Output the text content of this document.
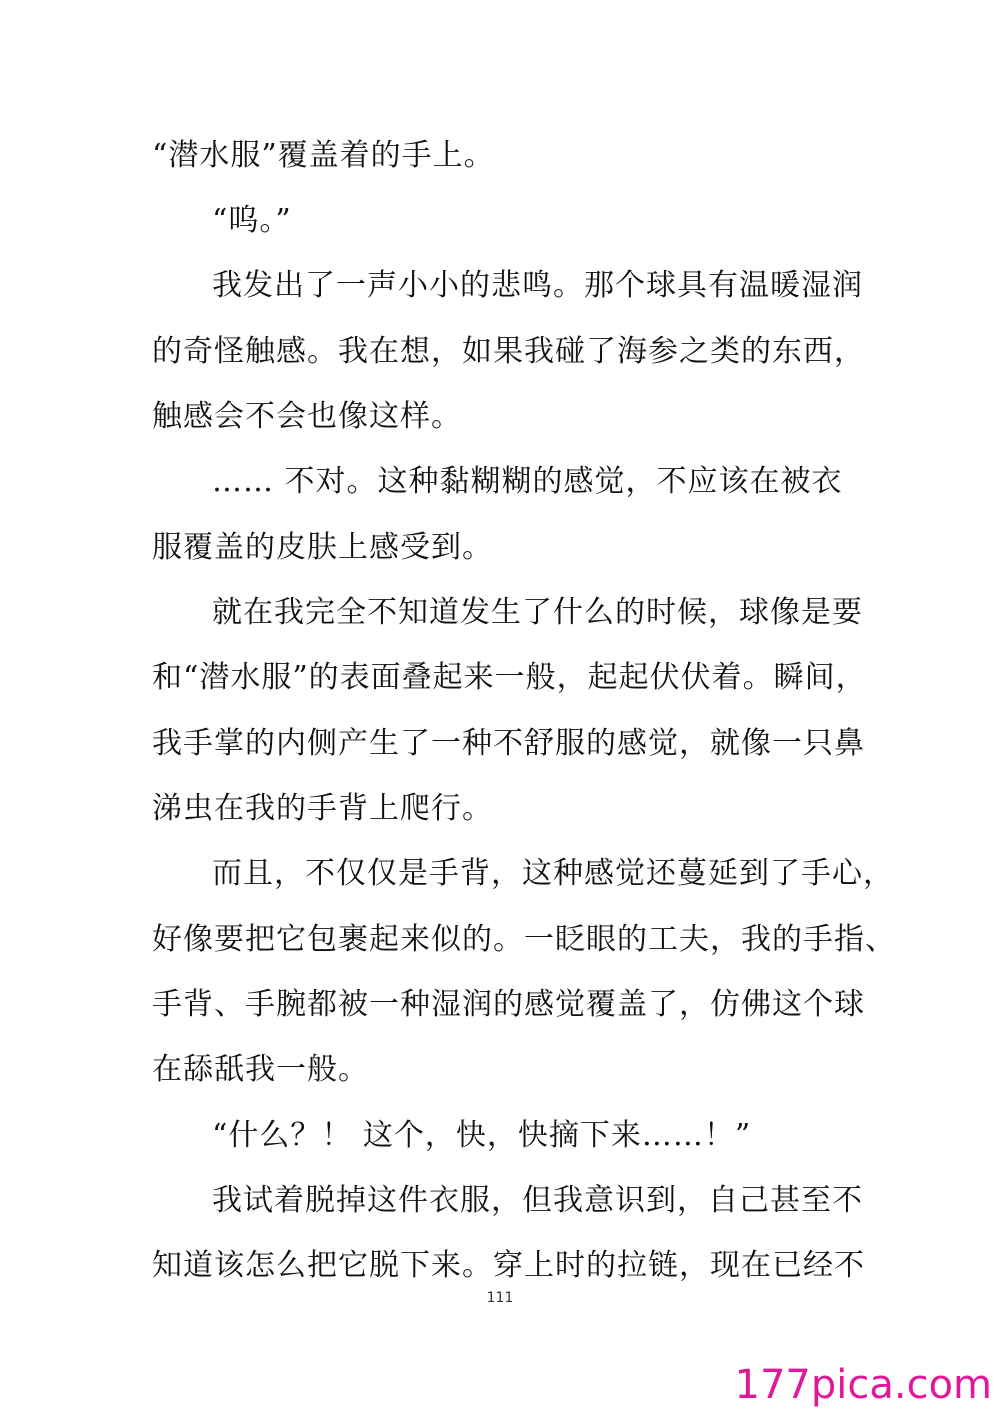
“潜水服”覆盖着的手上。
“呜。”
我发出了一声小小的悲鸣。那个球具有温暖湿润
的奇怪触感。我在想，如果我碰了海参之类的东西，
触感会不会也像这样。
…… 不对。这种黏糊糊的感觉，不应该在被衣
服覆盖的皮肤上感受到。
就在我完全不知道发生了什么的时候，球像是要
和“潜水服”的表面叠起来一般，起起伏伏着。瞬间，
我手掌的内侧产生了一种不舒服的感觉，就像一只鼻
涕虫在我的手背上爬行。
而且，不仅仅是手背，这种感觉还蔓延到了手心，
好像要把它包裹起来似的。一眨眼的工夫，我的手指、
手背、手腕都被一种湿润的感觉覆盖了，仿佛这个球
在舔舐我一般。
“什么？！ 这个，快，快摘下来……！”
我试着脱掉这件衣服，但我意识到，自己甚至不
知道该怎么把它脱下来。穿上时的拉链，现在已经不
111
177pica.com
